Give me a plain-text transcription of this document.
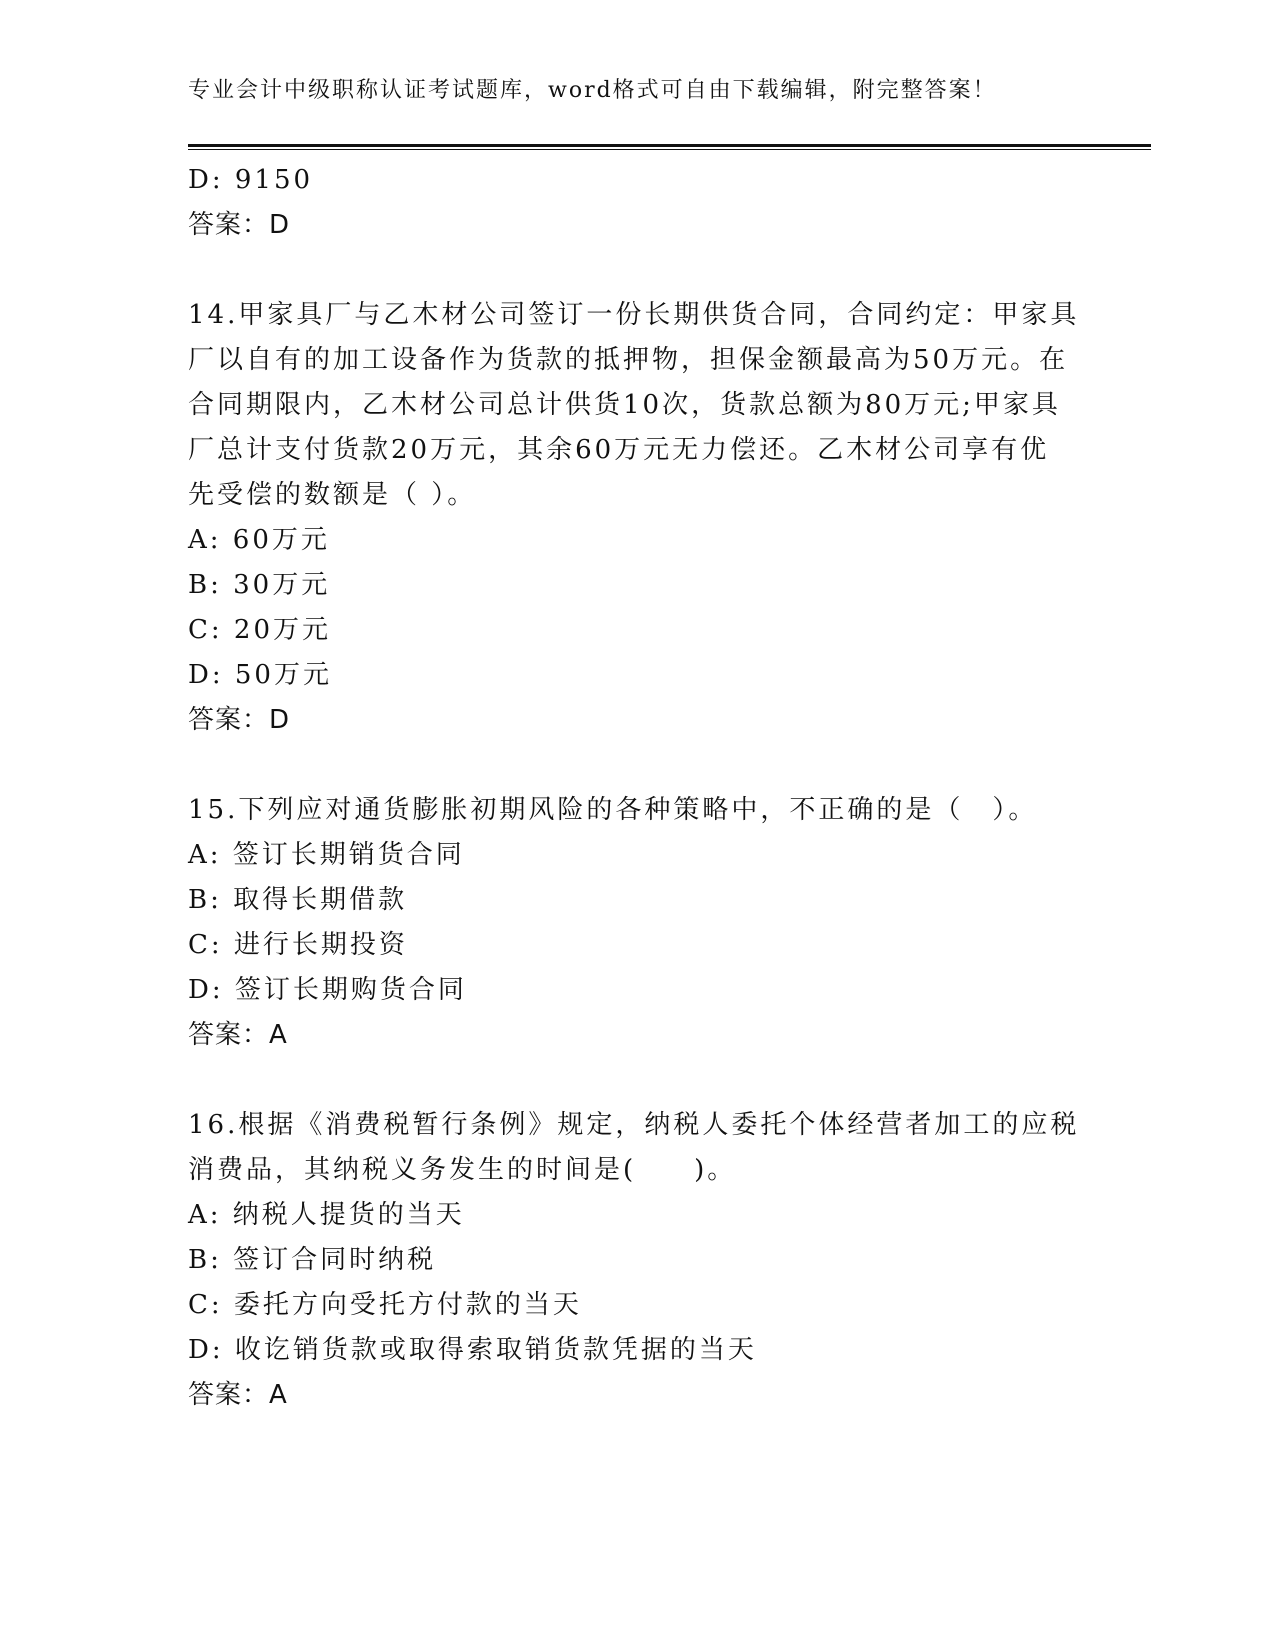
专业会计中级职称认证考试题库，word格式可自由下载编辑，附完整答案！
D: 9150
答案：D
14.甲家具厂与乙木材公司签订一份长期供货合同，合同约定：甲家具
厂以自有的加工设备作为货款的抵押物，担保金额最高为50万元。在
合同期限内，乙木材公司总计供货10次，货款总额为80万元;甲家具
厂总计支付货款20万元，其余60万元无力偿还。乙木材公司享有优
先受偿的数额是（ ）。
A: 60万元
B: 30万元
C: 20万元
D: 50万元
答案：D
15.下列应对通货膨胀初期风险的各种策略中，不正确的是（　）。
A: 签订长期销货合同
B: 取得长期借款
C: 进行长期投资
D: 签订长期购货合同
答案：A
16.根据《消费税暂行条例》规定，纳税人委托个体经营者加工的应税
消费品，其纳税义务发生的时间是(　　)。
A: 纳税人提货的当天
B: 签订合同时纳税
C: 委托方向受托方付款的当天
D: 收讫销货款或取得索取销货款凭据的当天
答案：A
